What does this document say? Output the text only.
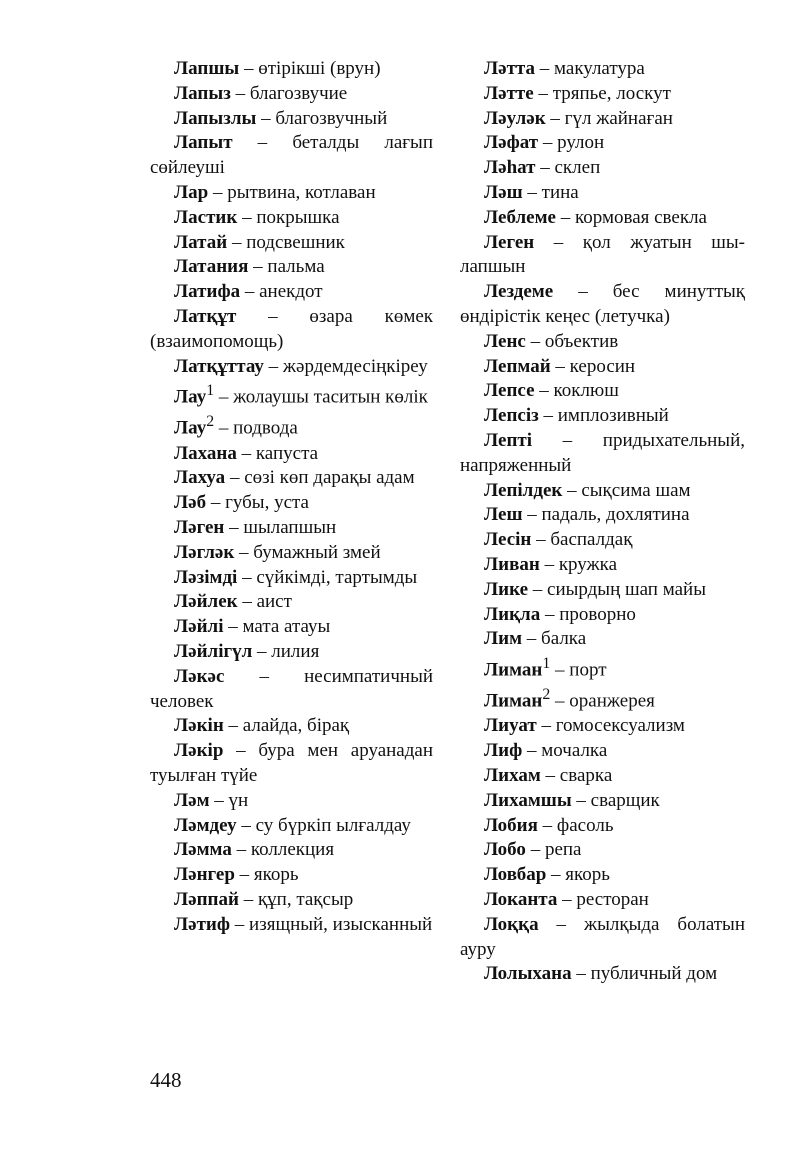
Лапшы – өтірікші (врун)

Лапыз – благозвучие

Лапызлы – благозвучный

Лапыт – беталды лағып сөйлеуші

Лар – рытвина, котлаван

Ластик – покрышка

Латай – подсвешник

Латания – пальма

Латифа – анекдот

Латқұт – өзара көмек (взаимопомощь)

Латқұттау – жәрдемдесіңкіреу

Лау$^1$ – жолаушы таситын көлік

Лау$^2$ – подвода

Лахана – капуста

Лахуа – сөзі көп дарақы адам

Ләб – губы, уста

Ләген – шылапшын

Ләгләк – бумажный змей

Ләзімді – сүйкімді, тартымды

Ләйлек – аист

Ләйлі – мата атауы

Ләйлігүл – лилия

Ләкәс – несимпатичный человек

Ләкін – алайда, бірақ

Ләкір – бура мен аруанадан туылған түйе

Ләм – үн

Ләмдеу – су бүркіп ылғалдау

Ләмма – коллекция

Ләнгер – якорь

Ләппай – құп, тақсыр

Ләтиф – изящный, изысканный

Ләтта – макулатура

Ләтте – тряпье, лоскут

Ләуләк – гүл жайнаған

Ләфат – рулон

Ләһат – склеп

Ләш – тина

Леблеме – кормовая свекла

Леген – қол жуатын шылапшын

Лездеме – бес минуттық өндірістік кеңес (летучка)

Ленс – объектив

Лепмай – керосин

Лепсе – коклюш

Лепсіз – имплозивный

Лепті – придыхательный, напряженный

Лепілдек – сықсима шам

Леш – падаль, дохлятина

Лесін – баспалдақ

Ливан – кружка

Лике – сиырдың шап майы

Лиқла – проворно

Лим – балка

Лиман$^1$ – порт

Лиман$^2$ – оранжерея

Лиуат – гомосексуализм

Лиф – мочалка

Лихам – сварка

Лихамшы – сварщик

Лобия – фасоль

Лобо – репа

Ловбар – якорь

Локанта – ресторан

Лоққа – жылқыда болатын ауру

Лолыхана – публичный дом

448
